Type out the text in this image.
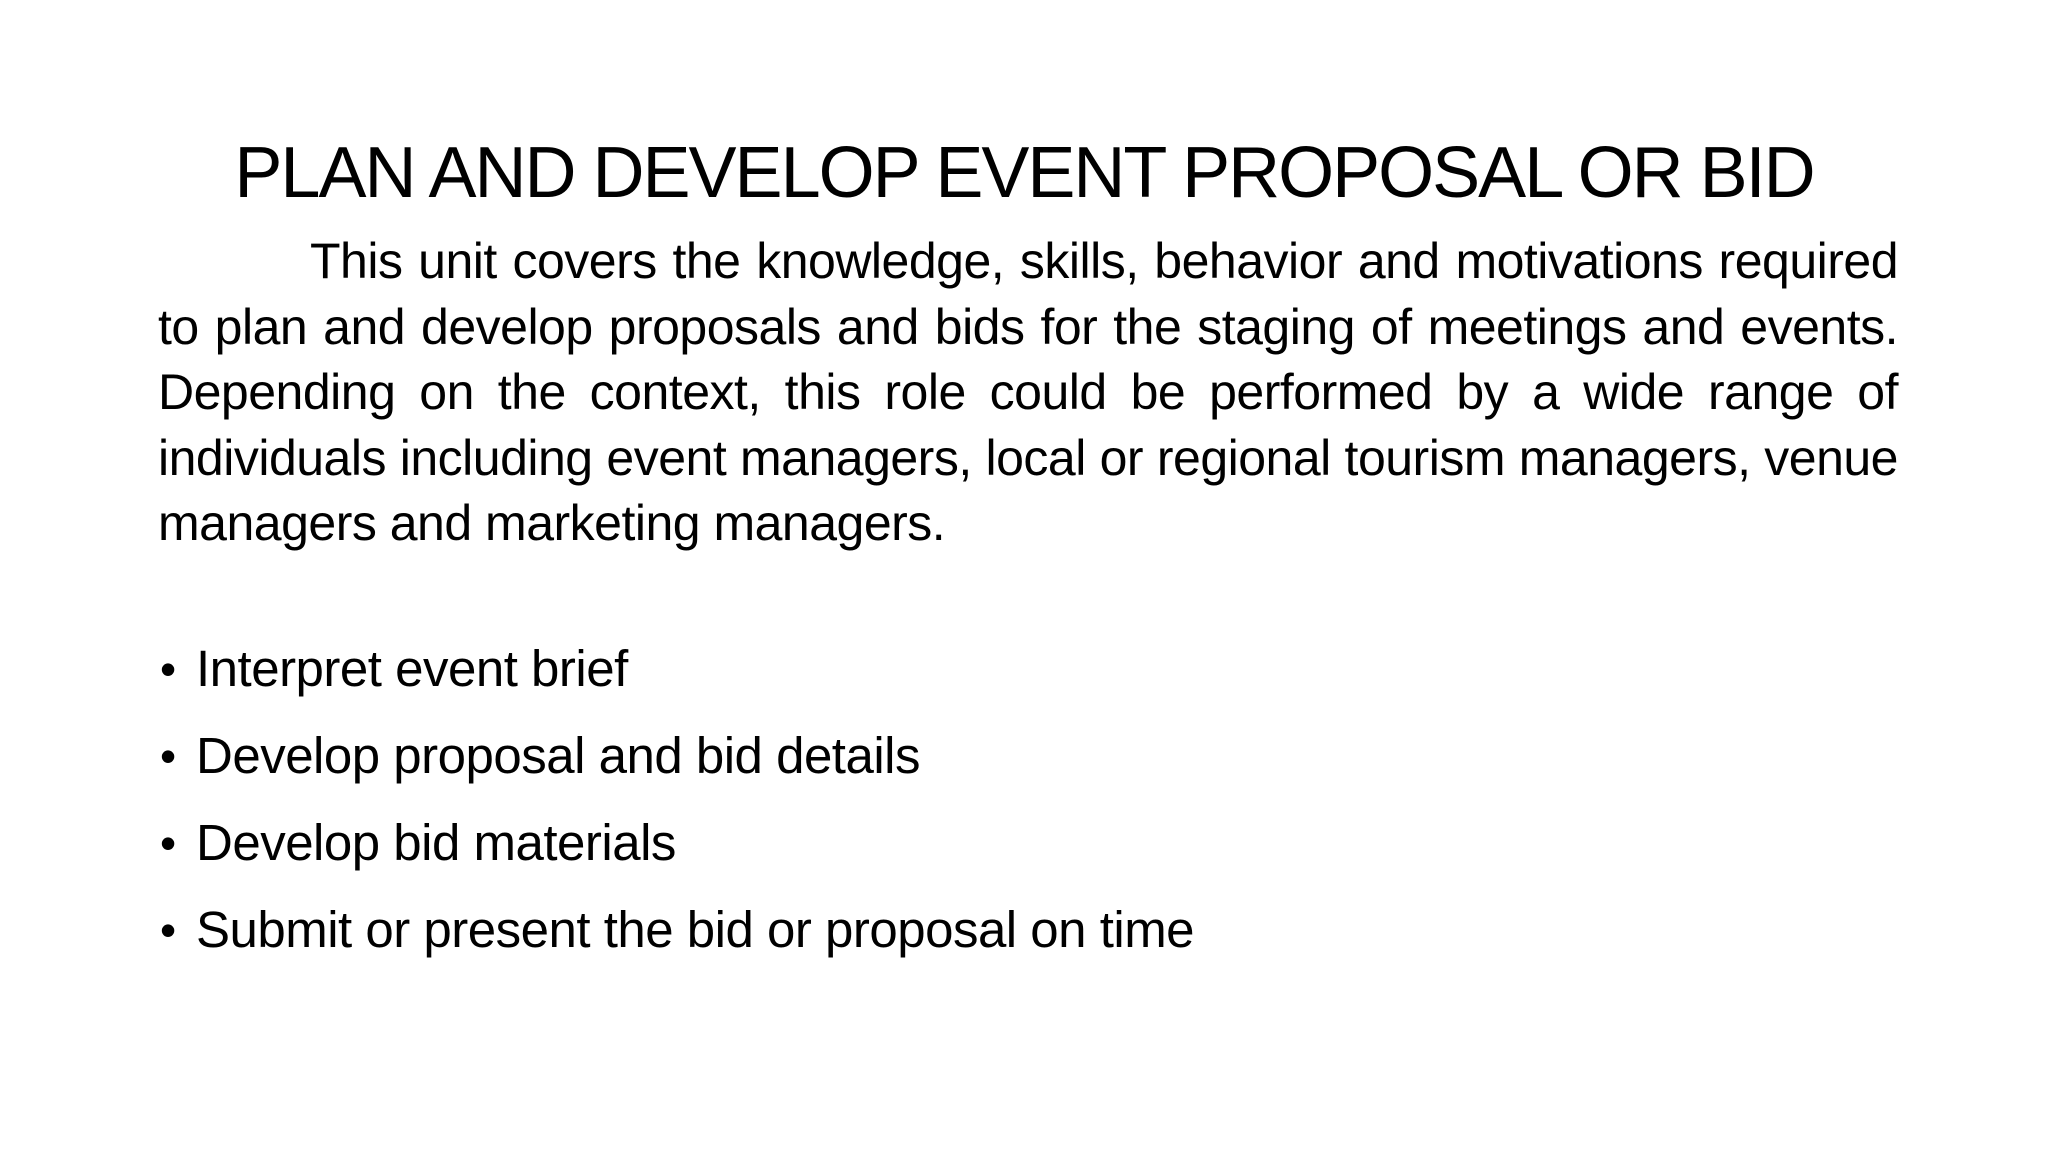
PLAN AND DEVELOP EVENT PROPOSAL OR BID

This unit covers the knowledge, skills, behavior and motivations required to plan and develop proposals and bids for the staging of meetings and events. Depending on the context, this role could be performed by a wide range of individuals including event managers, local or regional tourism managers, venue managers and marketing managers.

• Interpret event brief
• Develop proposal and bid details
• Develop bid materials
• Submit or present the bid or proposal on time
